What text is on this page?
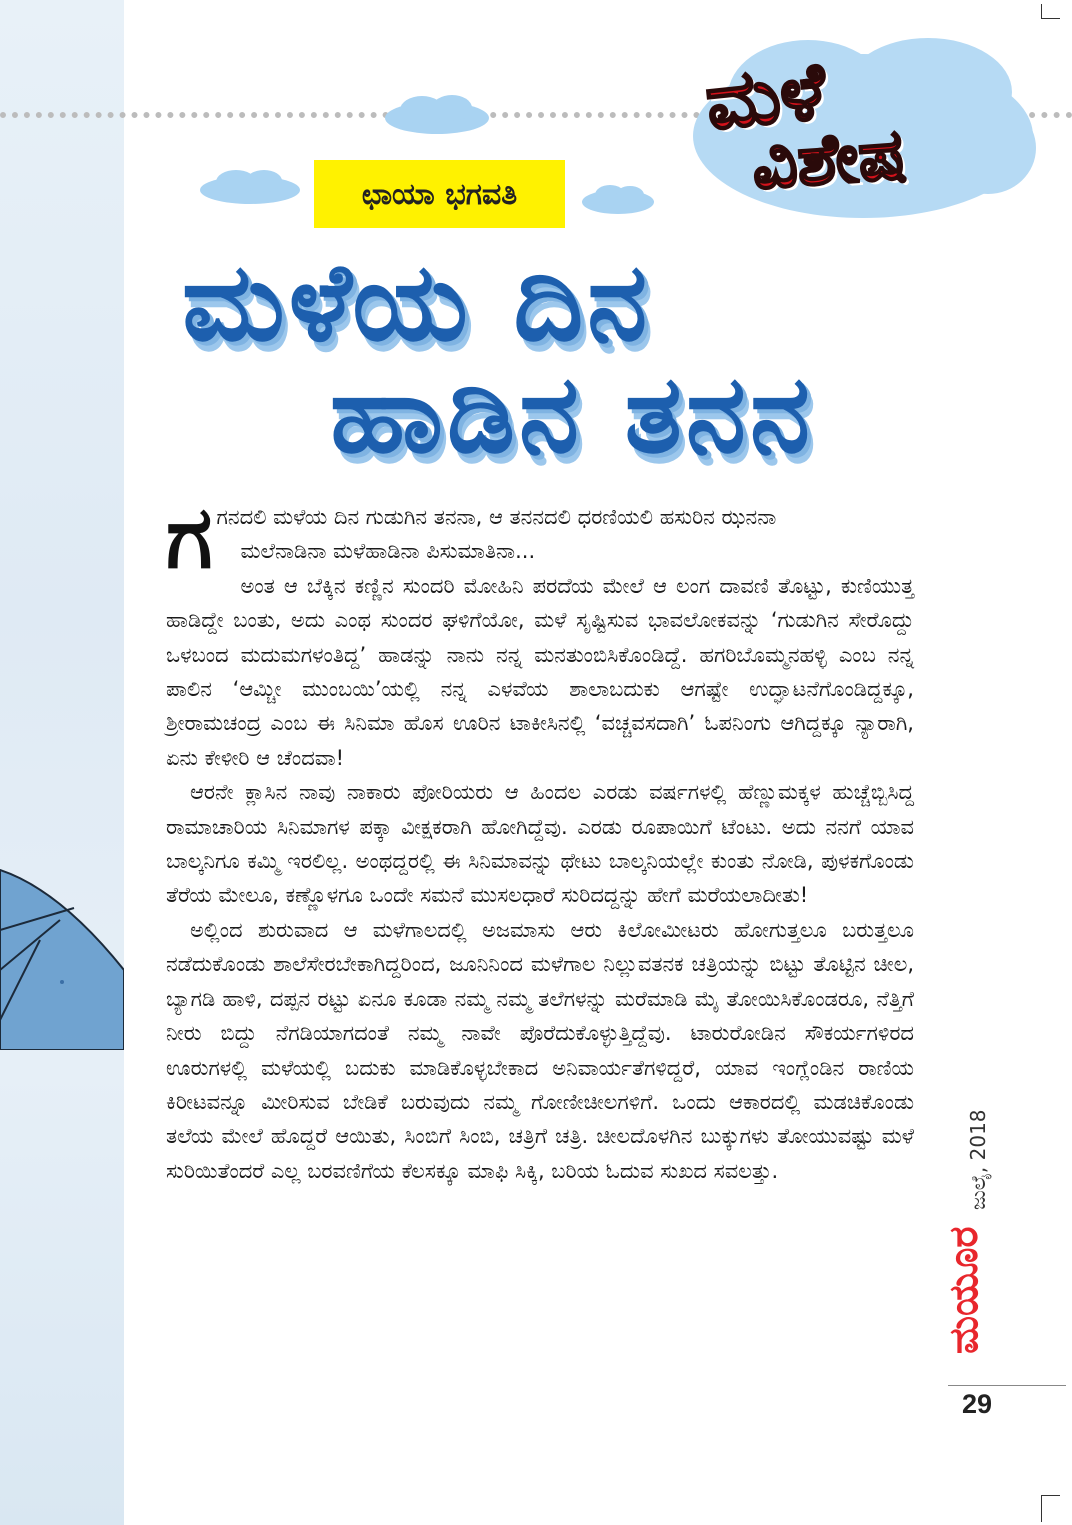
ಮಳೆ
ವಿಶೇಷ
ಛಾಯಾ ಭಗವತಿ
ಮಳೆಯ ದಿನ
ಹಾಡಿನ ತನನ

ಗಗನದಲಿ ಮಳೆಯ ದಿನ ಗುಡುಗಿನ ತನನಾ, ಆ ತನನದಲಿ ಧರಣಿಯಲಿ ಹಸುರಿನ ಝನನಾ

ಮಲೆನಾಡಿನಾ ಮಳೆಹಾಡಿನಾ ಪಿಸುಮಾತಿನಾ...

ಅಂತ ಆ ಬೆಕ್ಕಿನ ಕಣ್ಣಿನ ಸುಂದರಿ ಮೋಹಿನಿ ಪರದೆಯ ಮೇಲೆ ಆ ಲಂಗ ದಾವಣಿ ತೊಟ್ಟು, ಕುಣಿಯುತ್ತ ಹಾಡಿದ್ದೇ ಬಂತು, ಅದು ಎಂಥ ಸುಂದರ ಘಳಿಗೆಯೋ, ಮಳೆ ಸೃಷ್ಟಿಸುವ ಭಾವಲೋಕವನ್ನು ‘ಗುಡುಗಿನ ಸೇರೊದ್ದು ಒಳಬಂದ ಮದುಮಗಳಂತಿದ್ದ’ ಹಾಡನ್ನು ನಾನು ನನ್ನ ಮನತುಂಬಿಸಿಕೊಂಡಿದ್ದೆ. ಹಗರಿಬೊಮ್ಮನಹಳ್ಳಿ ಎಂಬ ನನ್ನ ಪಾಲಿನ ‘ಆಮ್ಚೀ ಮುಂಬಯಿ’ಯಲ್ಲಿ ನನ್ನ ಎಳವೆಯ ಶಾಲಾಬದುಕು ಆಗಷ್ಟೇ ಉದ್ಘಾಟನೆಗೊಂಡಿದ್ದಕ್ಕೂ, ಶ್ರೀರಾಮಚಂದ್ರ ಎಂಬ ಈ ಸಿನಿಮಾ ಹೊಸ ಊರಿನ ಟಾಕೀಸಿನಲ್ಲಿ ‘ವಚ್ಚವಸದಾಗಿ’ ಓಪನಿಂಗು ಆಗಿದ್ದಕ್ಕೂ ನ್ಯಾರಾಗಿ, ಏನು ಕೇಳೀರಿ ಆ ಚೆಂದವಾ!

ಆರನೇ ಕ್ಲಾಸಿನ ನಾವು ನಾಕಾರು ಪೋರಿಯರು ಆ ಹಿಂದಲ ಎರಡು ವರ್ಷಗಳಲ್ಲಿ ಹೆಣ್ಣುಮಕ್ಕಳ ಹುಚ್ಚೆಬ್ಬಿಸಿದ್ದ ರಾಮಾಚಾರಿಯ ಸಿನಿಮಾಗಳ ಪಕ್ಕಾ ವೀಕ್ಷಕರಾಗಿ ಹೋಗಿದ್ದೆವು. ಎರಡು ರೂಪಾಯಿಗೆ ಟೆಂಟು. ಅದು ನನಗೆ ಯಾವ ಬಾಲ್ಕನಿಗೂ ಕಮ್ಮಿ ಇರಲಿಲ್ಲ. ಅಂಥದ್ದರಲ್ಲಿ ಈ ಸಿನಿಮಾವನ್ನು ಥೇಟು ಬಾಲ್ಕನಿಯಲ್ಲೇ ಕುಂತು ನೋಡಿ, ಪುಳಕಗೊಂಡು ತೆರೆಯ ಮೇಲೂ, ಕಣ್ಣೊಳಗೂ ಒಂದೇ ಸಮನೆ ಮುಸಲಧಾರೆ ಸುರಿದದ್ದನ್ನು ಹೇಗೆ ಮರೆಯಲಾದೀತು!

ಅಲ್ಲಿಂದ ಶುರುವಾದ ಆ ಮಳೆಗಾಲದಲ್ಲಿ ಅಜಮಾಸು ಆರು ಕಿಲೋಮೀಟರು ಹೋಗುತ್ತಲೂ ಬರುತ್ತಲೂ ನಡೆದುಕೊಂಡು ಶಾಲೆಸೇರಬೇಕಾಗಿದ್ದರಿಂದ, ಜೂನಿನಿಂದ ಮಳೆಗಾಲ ನಿಲ್ಲುವತನಕ ಚತ್ರಿಯನ್ನು ಬಿಟ್ಟು ತೊಟ್ಟಿನ ಚೀಲ, ಬ್ಯಾಗಡಿ ಹಾಳಿ, ದಪ್ಪನ ರಟ್ಟು ಏನೂ ಕೂಡಾ ನಮ್ಮ ನಮ್ಮ ತಲೆಗಳನ್ನು ಮರೆಮಾಡಿ ಮೈ ತೋಯಿಸಿಕೊಂಡರೂ, ನೆತ್ತಿಗೆ ನೀರು ಬಿದ್ದು ನೆಗಡಿಯಾಗದಂತೆ ನಮ್ಮ ನಾವೇ ಪೊರೆದುಕೊಳ್ಳುತ್ತಿದ್ದೆವು. ಟಾರುರೋಡಿನ ಸೌಕರ್ಯಗಳಿರದ ಊರುಗಳಲ್ಲಿ ಮಳೆಯಲ್ಲಿ ಬದುಕು ಮಾಡಿಕೊಳ್ಳಬೇಕಾದ ಅನಿವಾರ್ಯತೆಗಳಿದ್ದರೆ, ಯಾವ ಇಂಗ್ಲೆಂಡಿನ ರಾಣಿಯ ಕಿರೀಟವನ್ನೂ ಮೀರಿಸುವ ಬೇಡಿಕೆ ಬರುವುದು ನಮ್ಮ ಗೋಣೀಚೀಲಗಳಿಗೆ. ಒಂದು ಆಕಾರದಲ್ಲಿ ಮಡಚಿಕೊಂಡು ತಲೆಯ ಮೇಲೆ ಹೊದ್ದರೆ ಆಯಿತು, ಸಿಂಬಿಗೆ ಸಿಂಬಿ, ಚತ್ರಿಗೆ ಚತ್ರಿ. ಚೀಲದೊಳಗಿನ ಬುಕ್ಕುಗಳು ತೋಯುವಷ್ಟು ಮಳೆ ಸುರಿಯಿತೆಂದರೆ ಎಲ್ಲ ಬರವಣಿಗೆಯ ಕೆಲಸಕ್ಕೂ ಮಾಫಿ ಸಿಕ್ಕಿ, ಬರಿಯ ಓದುವ ಸುಖದ ಸವಲತ್ತು.	ಜುಲೈ, 2018
ಮಯೂರ
29
